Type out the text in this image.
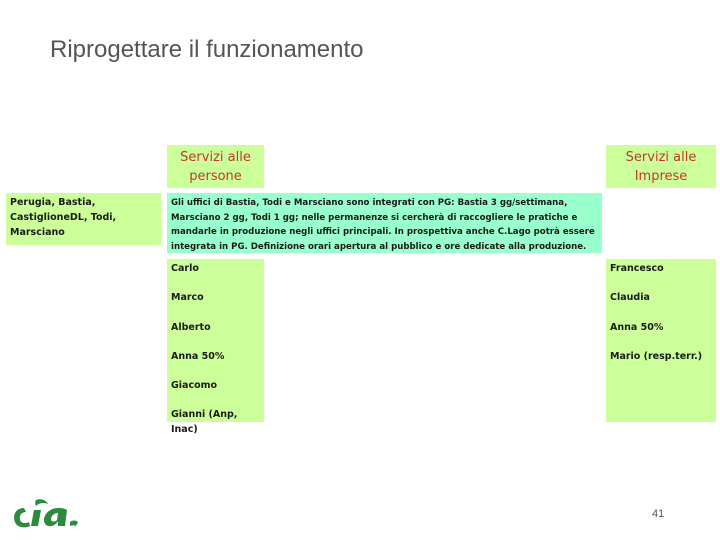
Riprogettare il funzionamento
Servizi alle
persone
Servizi alle
Imprese
Perugia, Bastia, CastiglioneDL, Todi, Marsciano
Gli uffici di Bastia, Todi e Marsciano sono integrati con PG: Bastia 3 gg/settimana, Marsciano 2 gg, Todi 1 gg; nelle permanenze si cercherà di raccogliere le pratiche e mandarle in produzione negli uffici principali. In prospettiva anche C.Lago potrà essere integrata in PG. Definizione orari apertura al pubblico e ore dedicate alla produzione.
Carlo
Marco
Alberto
Anna 50%
Giacomo
Gianni (Anp, Inac)
Francesco
Claudia
Anna 50%
Mario (resp.terr.)
41
